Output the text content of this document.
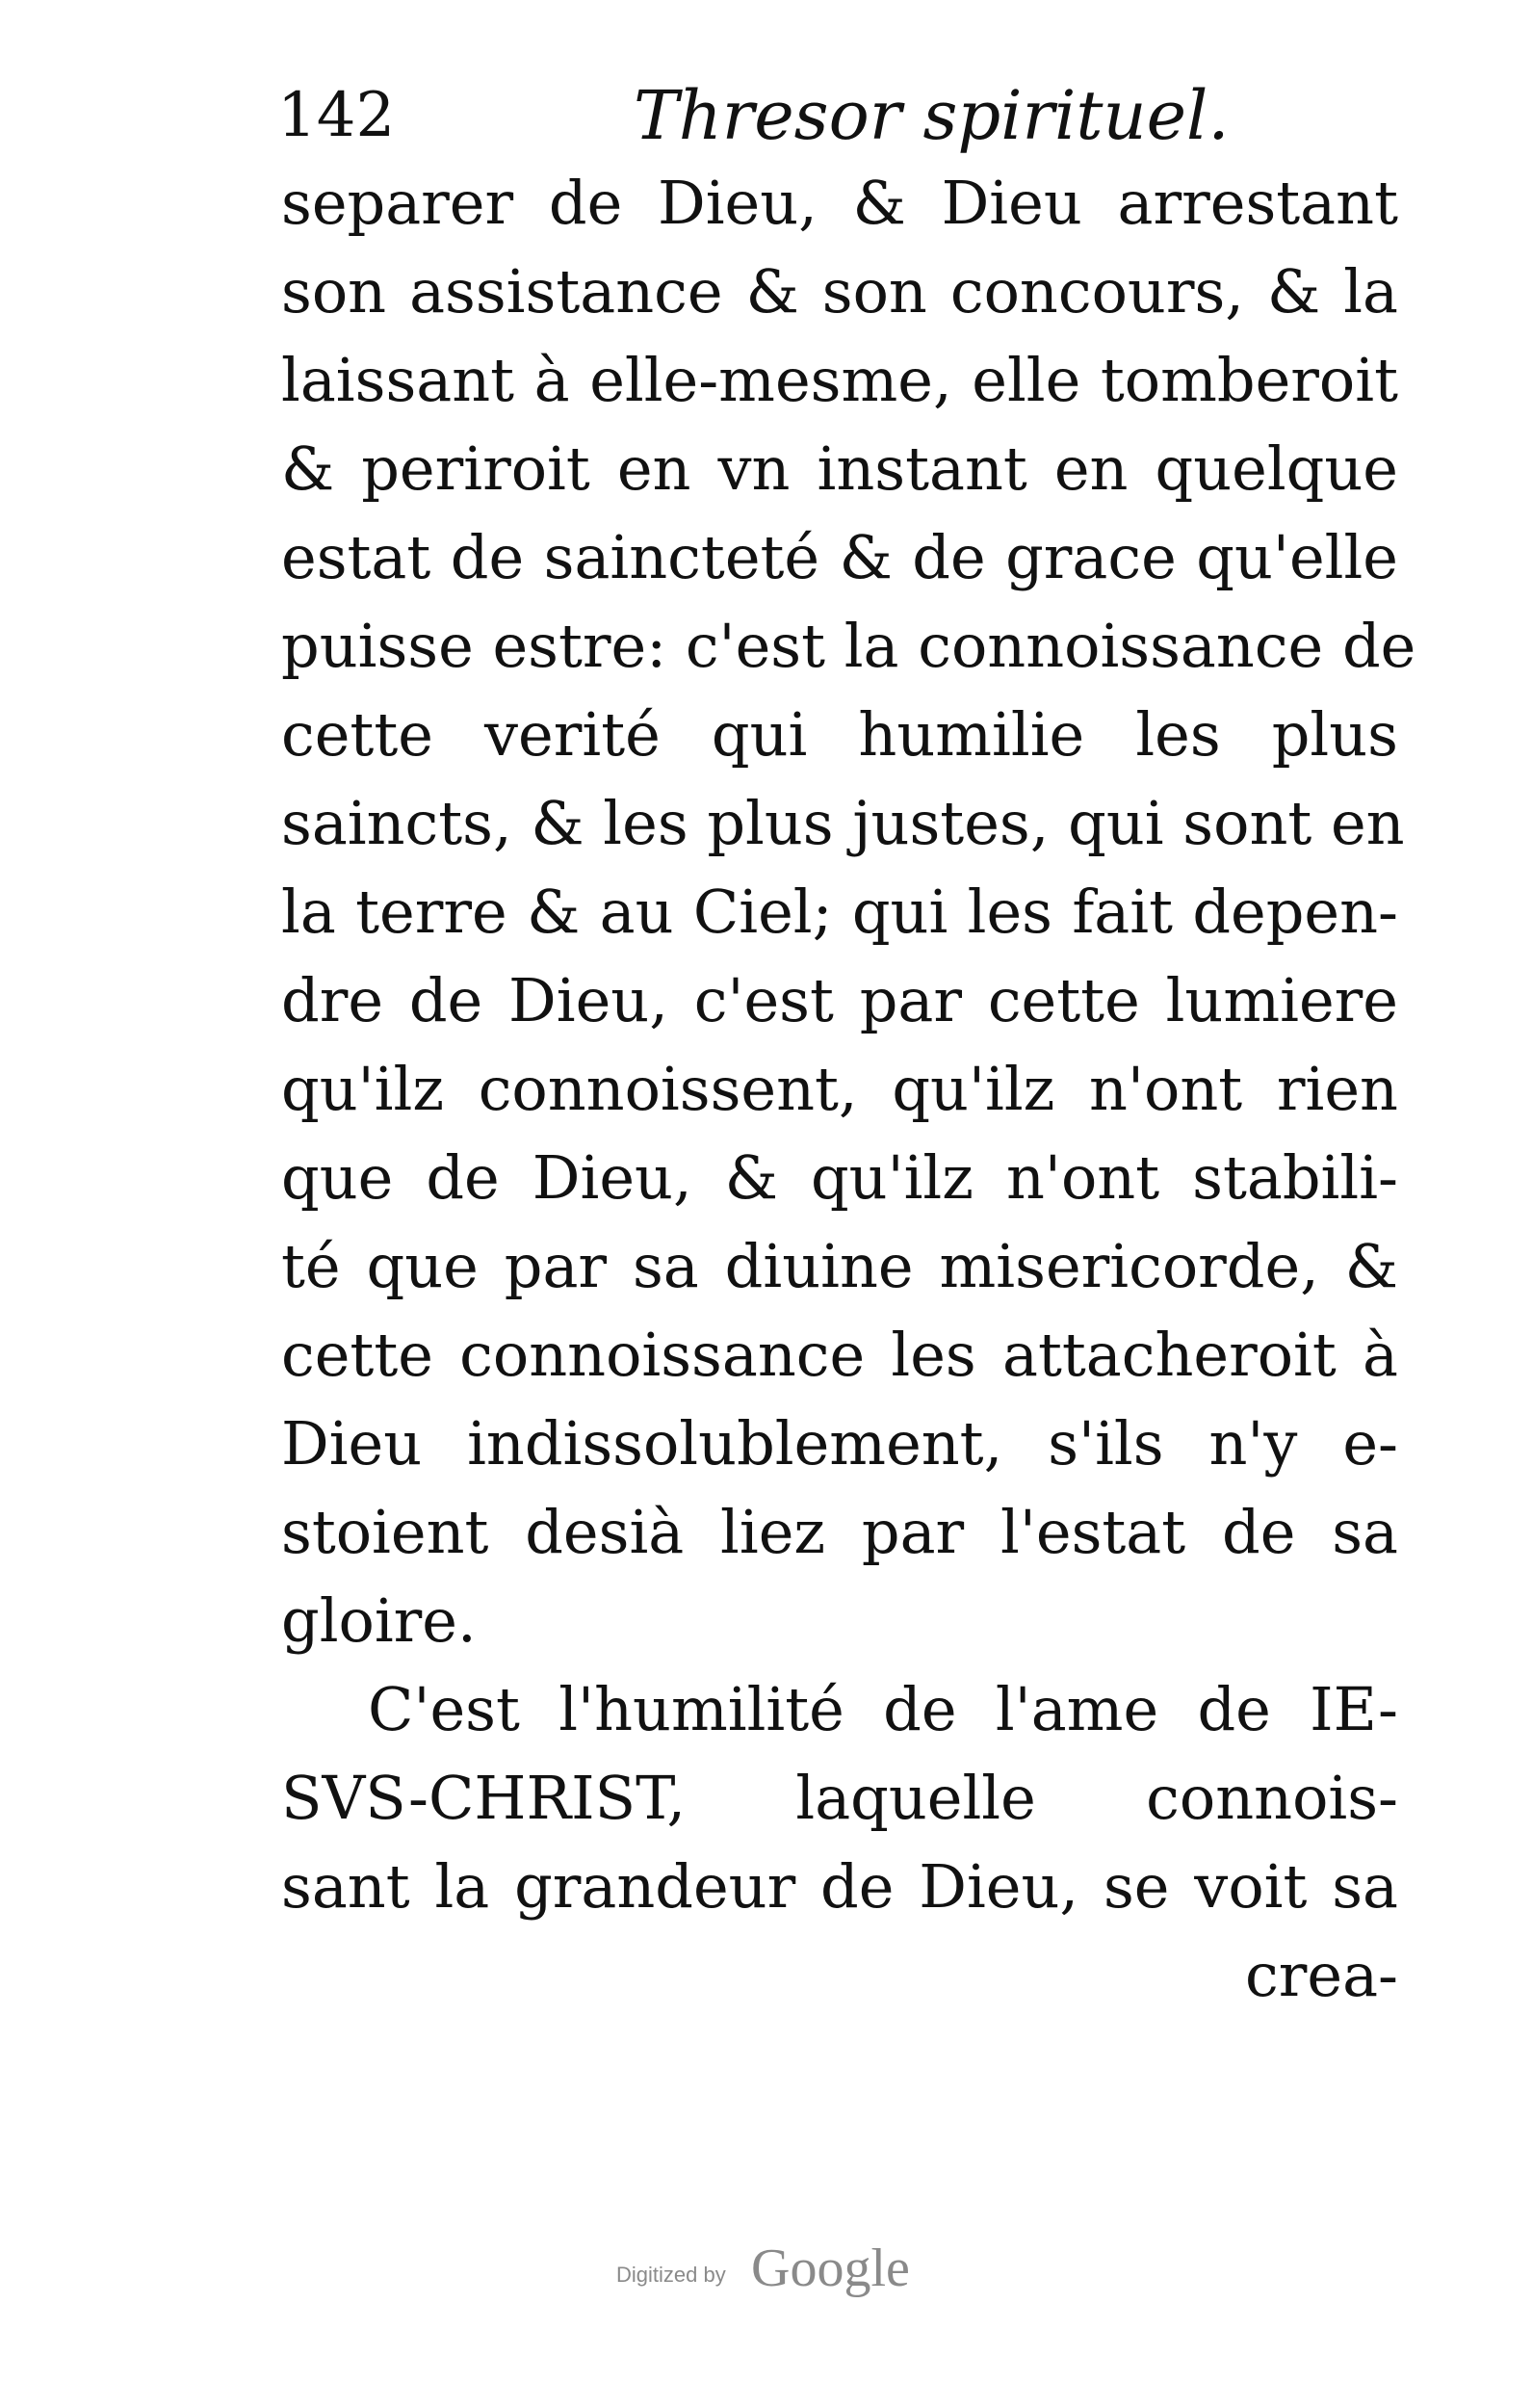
142	Thresor spirituel.
separer de Dieu, & Dieu arrestant
son assistance & son concours, & la
laissant à elle-mesme, elle tomberoit
& periroit en vn instant en quelque
estat de saincteté & de grace qu'elle
puisse estre: c'est la connoissance de
cette verité qui humilie les plus
saincts, & les plus justes, qui sont en
la terre & au Ciel; qui les fait depen-
dre de Dieu, c'est par cette lumiere
qu'ilz connoissent, qu'ilz n'ont rien
que de Dieu, & qu'ilz n'ont stabili-
té que par sa diuine misericorde, &
cette connoissance les attacheroit à
Dieu indissolublement, s'ils n'y e-
stoient desià liez par l'estat de sa
gloire.
C'est l'humilité de l'ame de IE-
SVS-CHRIST, laquelle connois-
sant la grandeur de Dieu, se voit sa
crea-
Digitized by Google
